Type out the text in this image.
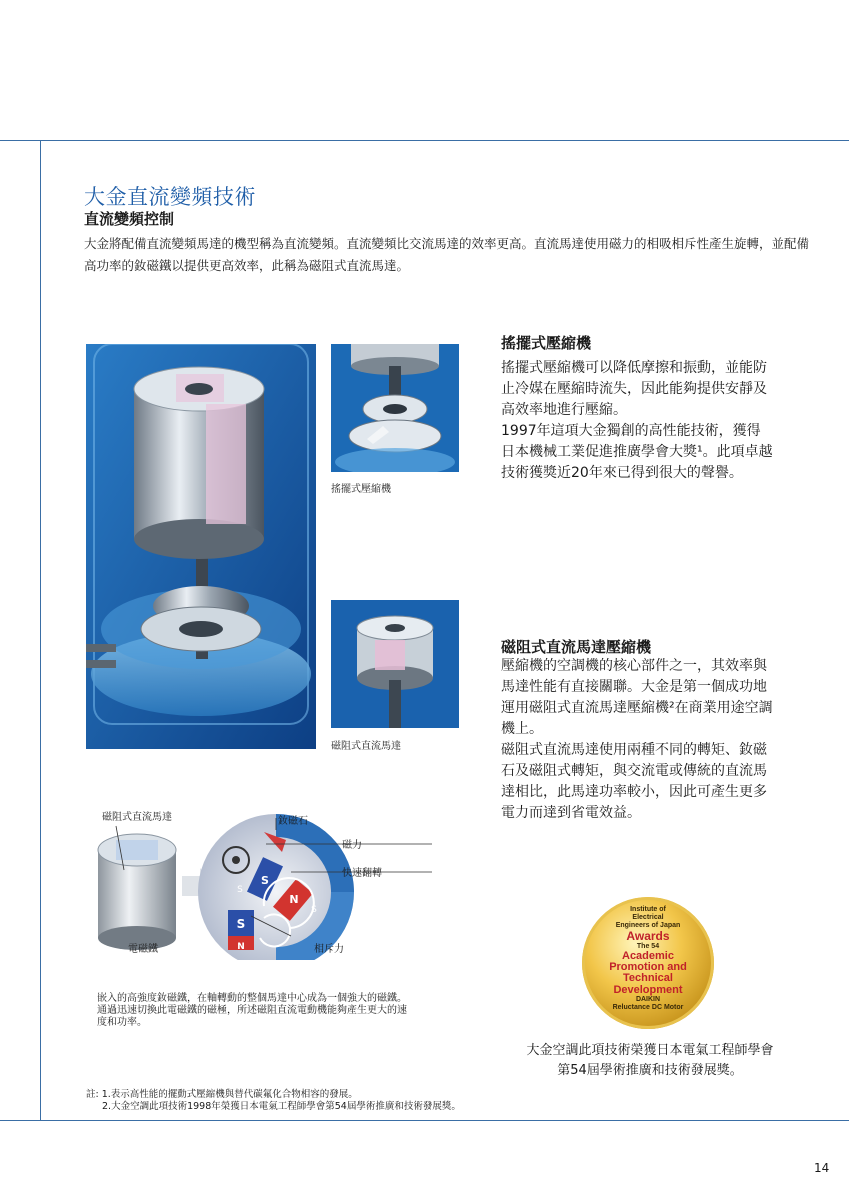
大金直流變頻技術
直流變頻控制
大金將配備直流變頻馬達的機型稱為直流變頻。直流變頻比交流馬達的效率更高。直流馬達使用磁力的相吸相斥性產生旋轉，並配備高功率的釹磁鐵以提供更高效率，此稱為磁阻式直流馬達。
搖擺式壓縮機
磁阻式直流馬達
搖擺式壓縮機
搖擺式壓縮機可以降低摩擦和振動，並能防止冷媒在壓縮時流失，因此能夠提供安靜及高效率地進行壓縮。
1997年這項大金獨創的高性能技術，獲得日本機械工業促進推廣學會大獎¹。此項卓越技術獲獎近20年來已得到很大的聲譽。
磁阻式直流馬達壓縮機
壓縮機的空調機的核心部件之一，其效率與馬達性能有直接關聯。大金是第一個成功地運用磁阻式直流馬達壓縮機²在商業用途空調機上。
磁阻式直流馬達使用兩種不同的轉矩、釹磁石及磁阻式轉矩，與交流電或傳統的直流馬達相比，此馬達功率較小，因此可產生更多電力而達到省電效益。
S
N
S
N
S
S
磁阻式直流馬達	釹磁石
磁力
快速翻轉
電磁鐵	相斥力
嵌入的高強度釹磁鐵，在軸轉動的整個馬達中心成為一個強大的磁鐵。通過迅速切換此電磁鐵的磁極，所述磁阻直流電動機能夠產生更大的速度和功率。
Institute of
Electrical
Engineers of Japan
Awards
The 54
Academic
Promotion and
Technical
Development
DAIKIN
Reluctance DC Motor
大金空調此項技術榮獲日本電氣工程師學會
第54屆學術推廣和技術發展獎。
註: 1.表示高性能的擺動式壓縮機與替代碳氟化合物相容的發展。
2.大金空調此項技術1998年榮獲日本電氣工程師學會第54屆學術推廣和技術發展獎。
14
